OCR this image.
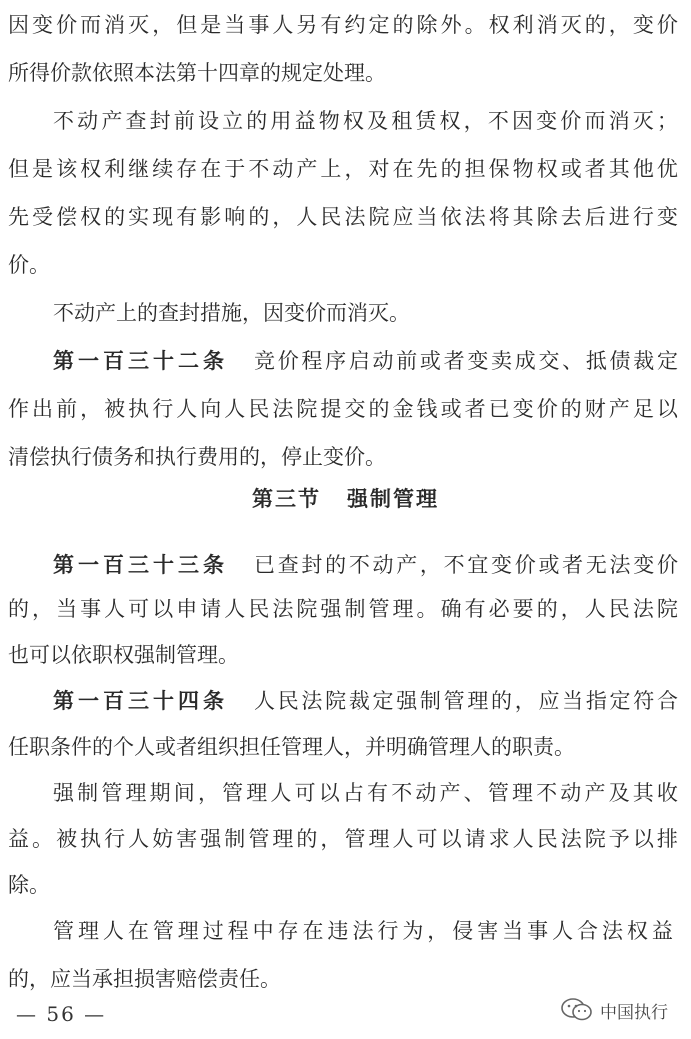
因 变 价 而 消 灭 ， 但 是 当 事 人 另 有 约 定 的 除 外 。 权 利 消 灭 的 ， 变 价
所得价款依照本法第十四章的规定处理。
不 动 产 查 封 前 设 立 的 用 益 物 权 及 租 赁 权 ， 不 因 变 价 而 消 灭 ；
但 是 该 权 利 继 续 存 在 于 不 动 产 上 ， 对 在 先 的 担 保 物 权 或 者 其 他 优
先 受 偿 权 的 实 现 有 影 响 的 ， 人 民 法 院 应 当 依 法 将 其 除 去 后 进 行 变
价。
不动产上的查封措施，因变价而消灭。
第一百三十二条 竞 价 程 序 启 动 前 或 者 变 卖 成 交 、 抵 债 裁 定
作 出 前 ， 被 执 行 人 向 人 民 法 院 提 交 的 金 钱 或 者 已 变 价 的 财 产 足 以
清偿执行债务和执行费用的，停止变价。
第三节 强制管理
第一百三十三条 已 查 封 的 不 动 产 ， 不 宜 变 价 或 者 无 法 变 价
的 ， 当 事 人 可 以 申 请 人 民 法 院 强 制 管 理 。 确 有 必 要 的 ， 人 民 法 院
也可以依职权强制管理。
第一百三十四条 人 民 法 院 裁 定 强 制 管 理 的 ， 应 当 指 定 符 合
任职条件的个人或者组织担任管理人，并明确管理人的职责。
强 制 管 理 期 间 ， 管 理 人 可 以 占 有 不 动 产 、 管 理 不 动 产 及 其 收
益 。 被 执 行 人 妨 害 强 制 管 理 的 ， 管 理 人 可 以 请 求 人 民 法 院 予 以 排
除。
管 理 人 在 管 理 过 程 中 存 在 违 法 行 为 ， 侵 害 当 事 人 合 法 权 益
— 56 —	中国执行
的，应当承担损害赔偿责任。
